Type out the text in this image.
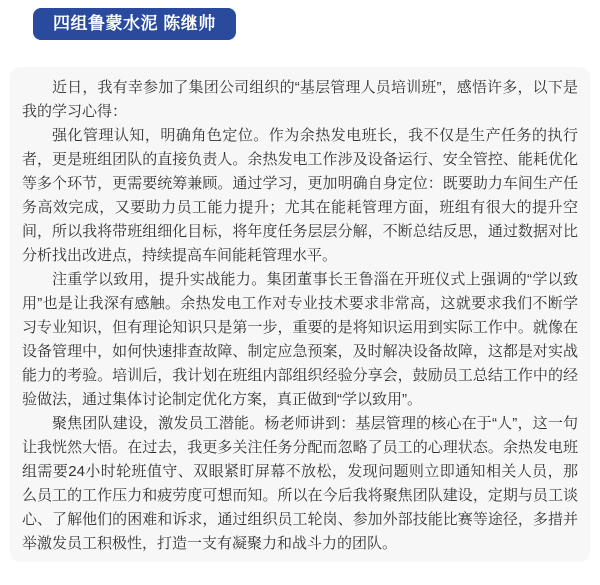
四组鲁蒙水泥 陈继帅

近日，我有幸参加了集团公司组织的“基层管理人员培训班”，感悟许多，以下是我的学习心得：

强化管理认知，明确角色定位。作为余热发电班长，我不仅是生产任务的执行者，更是班组团队的直接负责人。余热发电工作涉及设备运行、安全管控、能耗优化等多个环节，更需要统筹兼顾。通过学习，更加明确自身定位：既要助力车间生产任务高效完成，又要助力员工能力提升；尤其在能耗管理方面，班组有很大的提升空间，所以我将带班组细化目标，将年度任务层层分解，不断总结反思，通过数据对比分析找出改进点，持续提高车间能耗管理水平。

注重学以致用，提升实战能力。集团董事长王鲁淄在开班仪式上强调的“学以致用”也是让我深有感触。余热发电工作对专业技术要求非常高，这就要求我们不断学习专业知识，但有理论知识只是第一步，重要的是将知识运用到实际工作中。就像在设备管理中，如何快速排查故障、制定应急预案，及时解决设备故障，这都是对实战能力的考验。培训后，我计划在班组内部组织经验分享会，鼓励员工总结工作中的经验做法，通过集体讨论制定优化方案，真正做到“学以致用”。

聚焦团队建设，激发员工潜能。杨老师讲到：基层管理的核心在于“人”，这一句让我恍然大悟。在过去，我更多关注任务分配而忽略了员工的心理状态。余热发电班组需要24小时轮班值守、双眼紧盯屏幕不放松，发现问题则立即通知相关人员，那么员工的工作压力和疲劳度可想而知。所以在今后我将聚焦团队建设，定期与员工谈心、了解他们的困难和诉求，通过组织员工轮岗、参加外部技能比赛等途径，多措并举激发员工积极性，打造一支有凝聚力和战斗力的团队。
